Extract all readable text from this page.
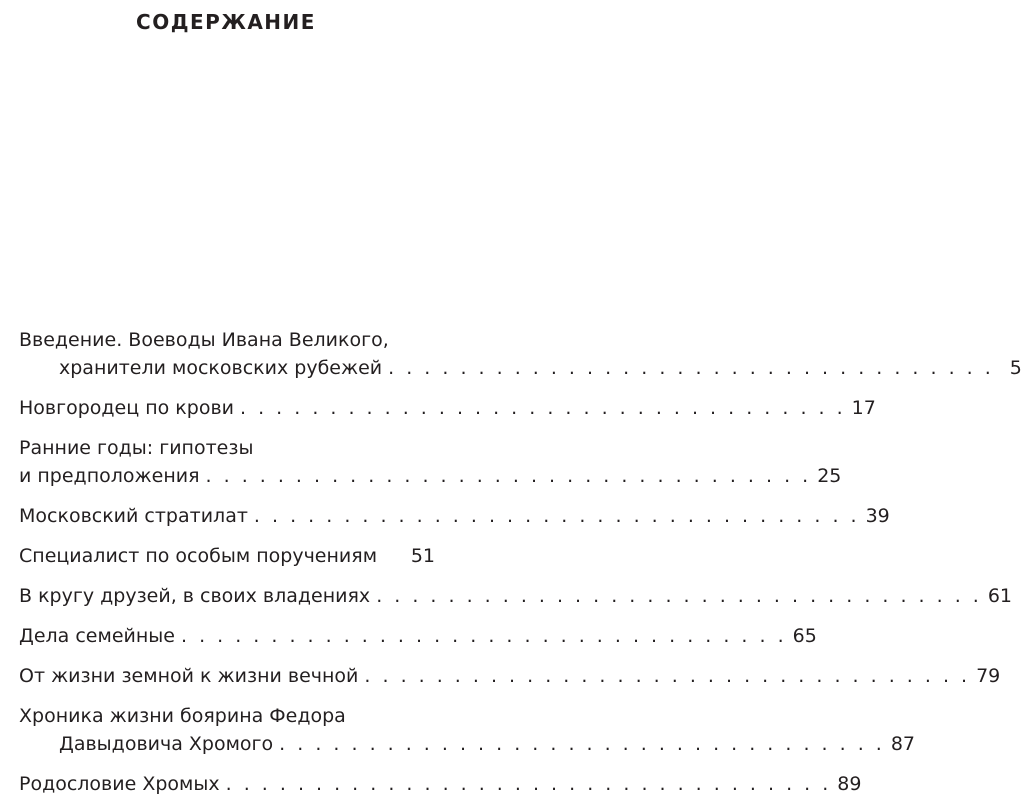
СОДЕРЖАНИЕ
Введение. Воеводы Ивана Великого,
хранители московских рубежей . . . . . . . . . . . . . . . . . . . . . . . . . . . . . . . . . . 5
Новгородец по крови . . . . . . . . . . . . . . . . . . . . . . . . . . . . . . . . . . 17
Ранние годы: гипотезы
и предположения . . . . . . . . . . . . . . . . . . . . . . . . . . . . . . . . . . 25
Московский стратилат . . . . . . . . . . . . . . . . . . . . . . . . . . . . . . . . . . 39
Специалист по особым поручениям 51
В кругу друзей, в своих владениях . . . . . . . . . . . . . . . . . . . . . . . . . . . . . . . . . . 61
Дела семейные . . . . . . . . . . . . . . . . . . . . . . . . . . . . . . . . . . 65
От жизни земной к жизни вечной . . . . . . . . . . . . . . . . . . . . . . . . . . . . . . . . . . 79
Хроника жизни боярина Федора
Давыдовича Хромого . . . . . . . . . . . . . . . . . . . . . . . . . . . . . . . . . . 87
Родословие Хромых . . . . . . . . . . . . . . . . . . . . . . . . . . . . . . . . . . 89
